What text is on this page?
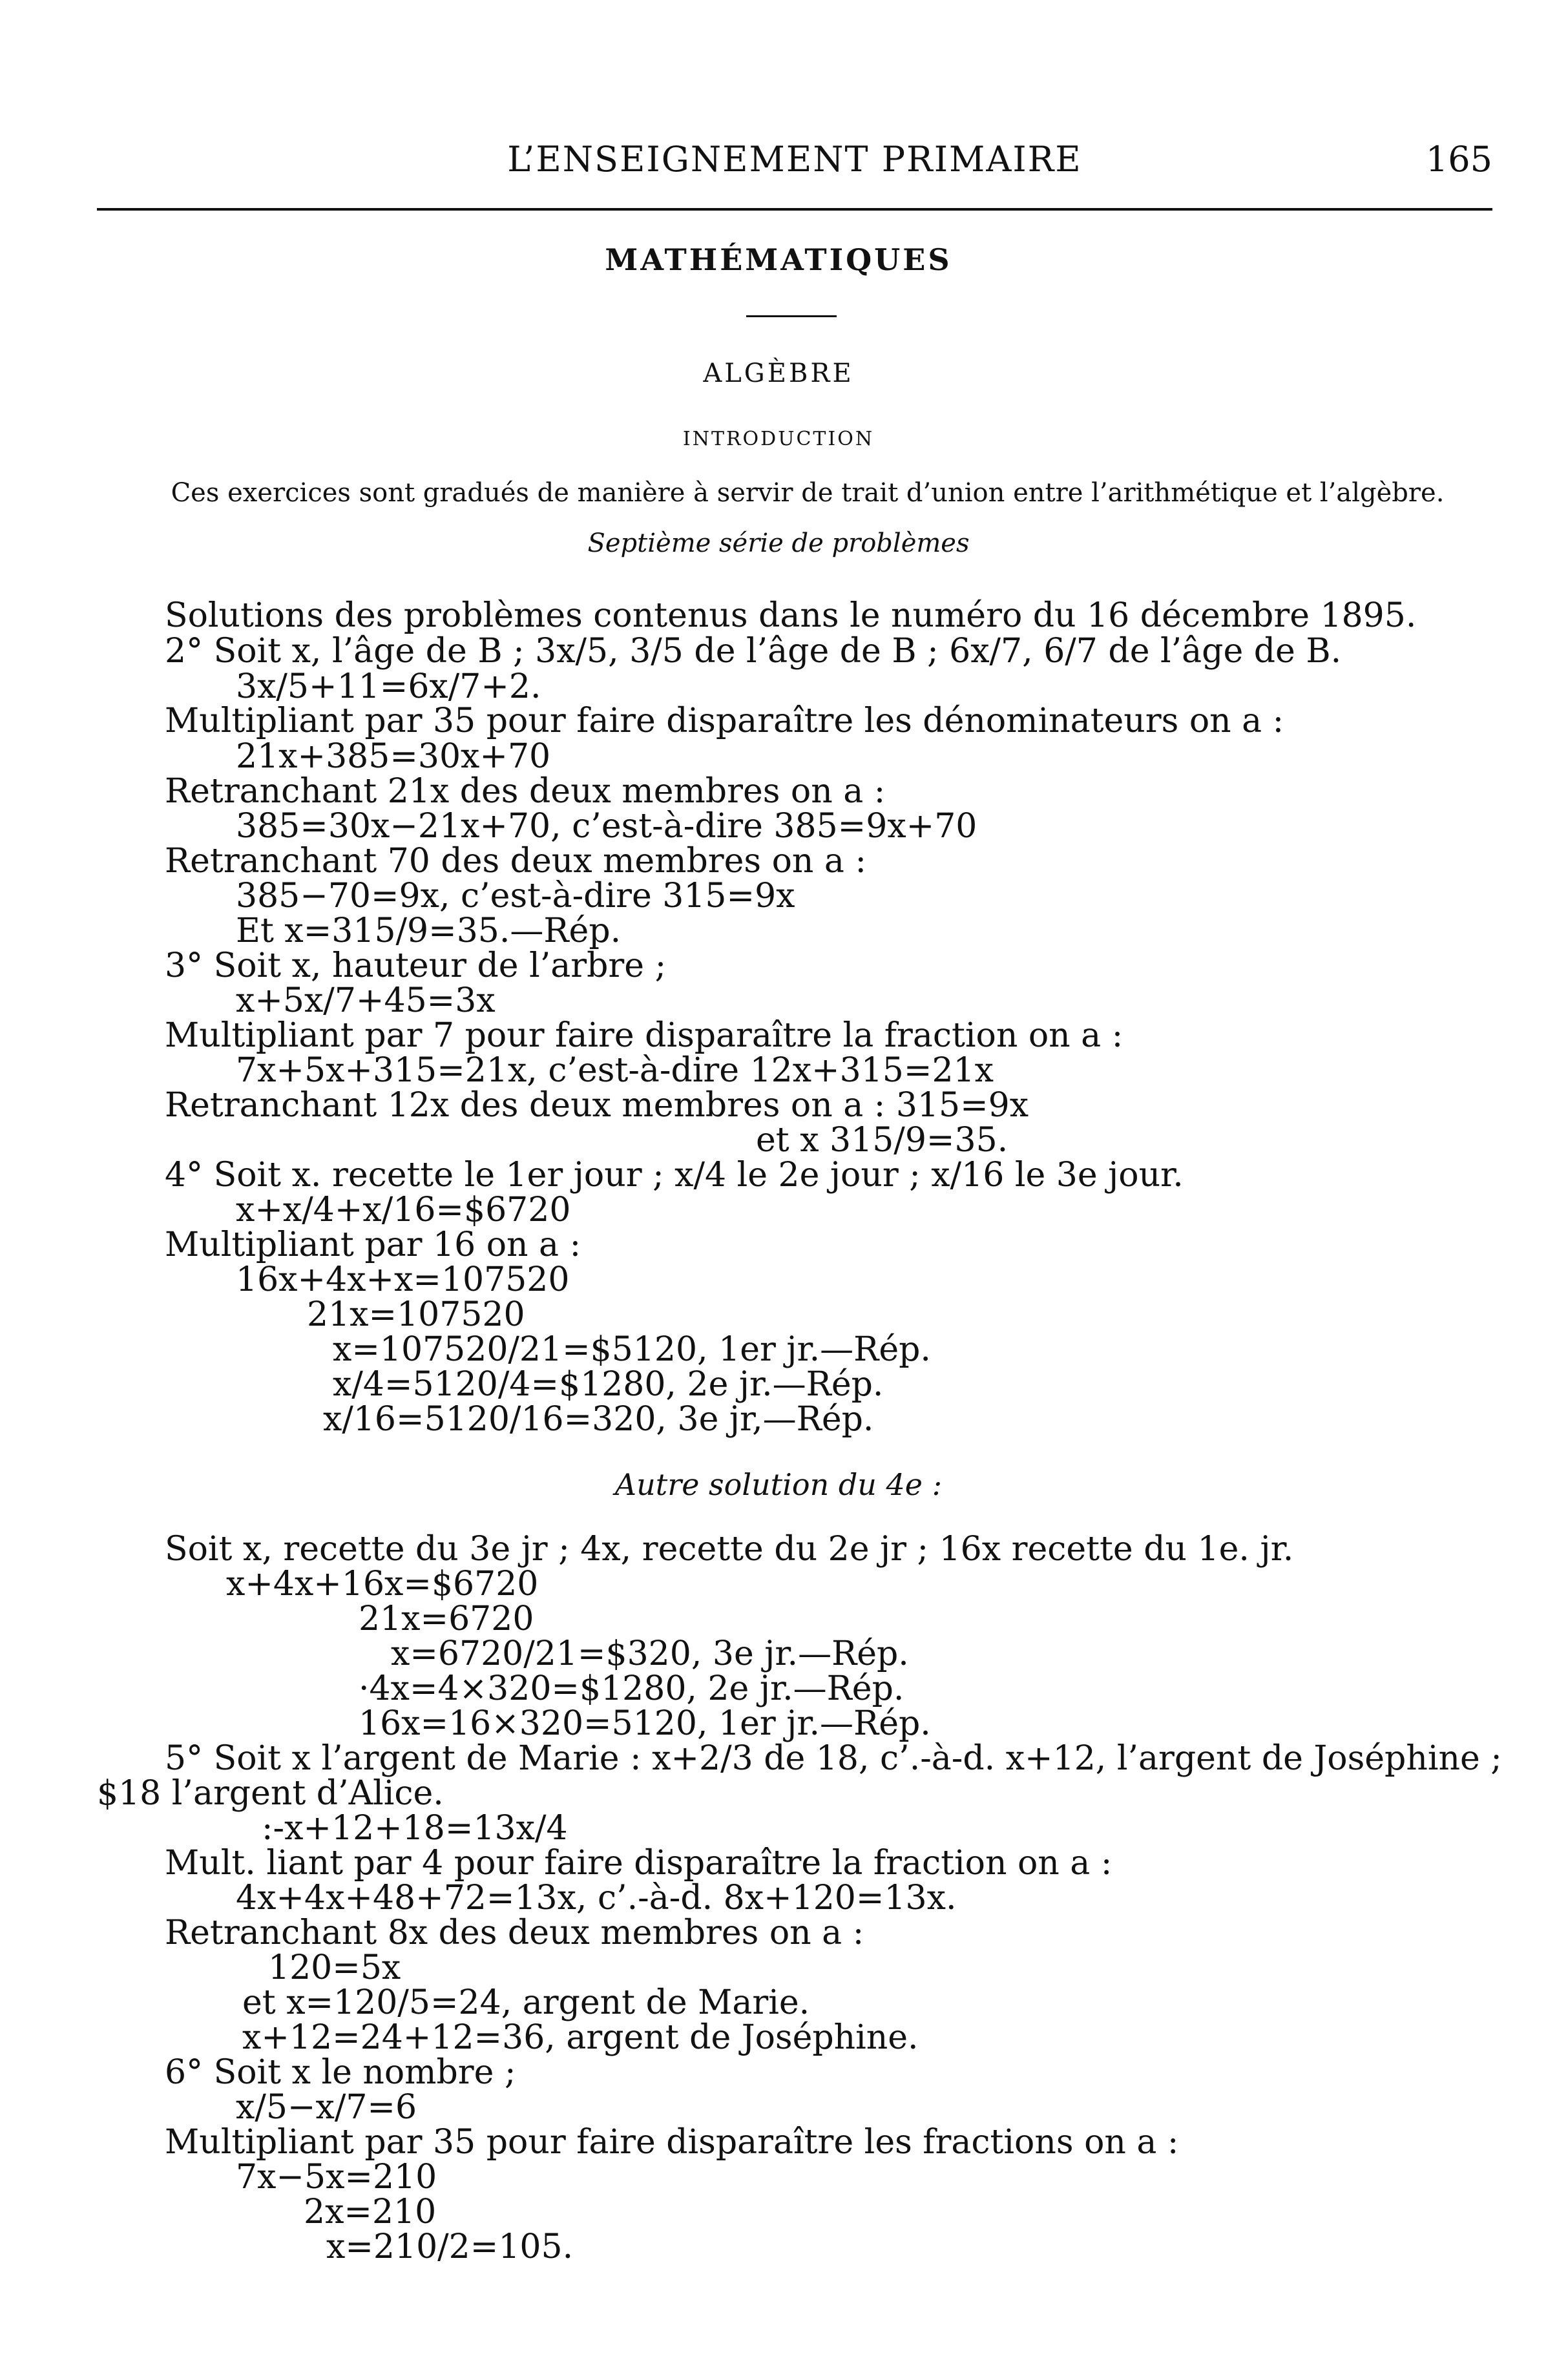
L’ENSEIGNEMENT PRIMAIRE	165
MATHÉMATIQUES
ALGÈBRE
INTRODUCTION
Ces exercices sont gradués de manière à servir de trait d’union entre l’arithmétique et l’algèbre.
Septième série de problèmes
Solutions des problèmes contenus dans le numéro du 16 décembre 1895.
2° Soit x, l’âge de B ; 3x/5, 3/5 de l’âge de B ; 6x/7, 6/7 de l’âge de B.
3x/5+11=6x/7+2.
Multipliant par 35 pour faire disparaître les dénominateurs on a :
21x+385=30x+70
Retranchant 21x des deux membres on a :
385=30x−21x+70, c’est-à-dire 385=9x+70
Retranchant 70 des deux membres on a :
385−70=9x, c’est-à-dire 315=9x
Et x=315/9=35.—Rép.
3° Soit x, hauteur de l’arbre ;
x+5x/7+45=3x
Multipliant par 7 pour faire disparaître la fraction on a :
7x+5x+315=21x, c’est-à-dire 12x+315=21x
Retranchant 12x des deux membres on a : 315=9x
et x 315/9=35.
4° Soit x. recette le 1er jour ; x/4 le 2e jour ; x/16 le 3e jour.
x+x/4+x/16=$6720
Multipliant par 16 on a :
16x+4x+x=107520
21x=107520
x=107520/21=$5120, 1er jr.—Rép.
x/4=5120/4=$1280, 2e jr.—Rép.
x/16=5120/16=320, 3e jr,—Rép.
Autre solution du 4e :
Soit x, recette du 3e jr ; 4x, recette du 2e jr ; 16x recette du 1e. jr.
x+4x+16x=$6720
21x=6720
x=6720/21=$320, 3e jr.—Rép.
·4x=4×320=$1280, 2e jr.—Rép.
16x=16×320=5120, 1er jr.—Rép.
5° Soit x l’argent de Marie : x+2/3 de 18, c’.-à-d. x+12, l’argent de Joséphine ;
$18 l’argent d’Alice.
:-x+12+18=13x/4
Mult. liant par 4 pour faire disparaître la fraction on a :
4x+4x+48+72=13x, c’.-à-d. 8x+120=13x.
Retranchant 8x des deux membres on a :
120=5x
et x=120/5=24, argent de Marie.
x+12=24+12=36, argent de Joséphine.
6° Soit x le nombre ;
x/5−x/7=6
Multipliant par 35 pour faire disparaître les fractions on a :
7x−5x=210
2x=210
x=210/2=105.
